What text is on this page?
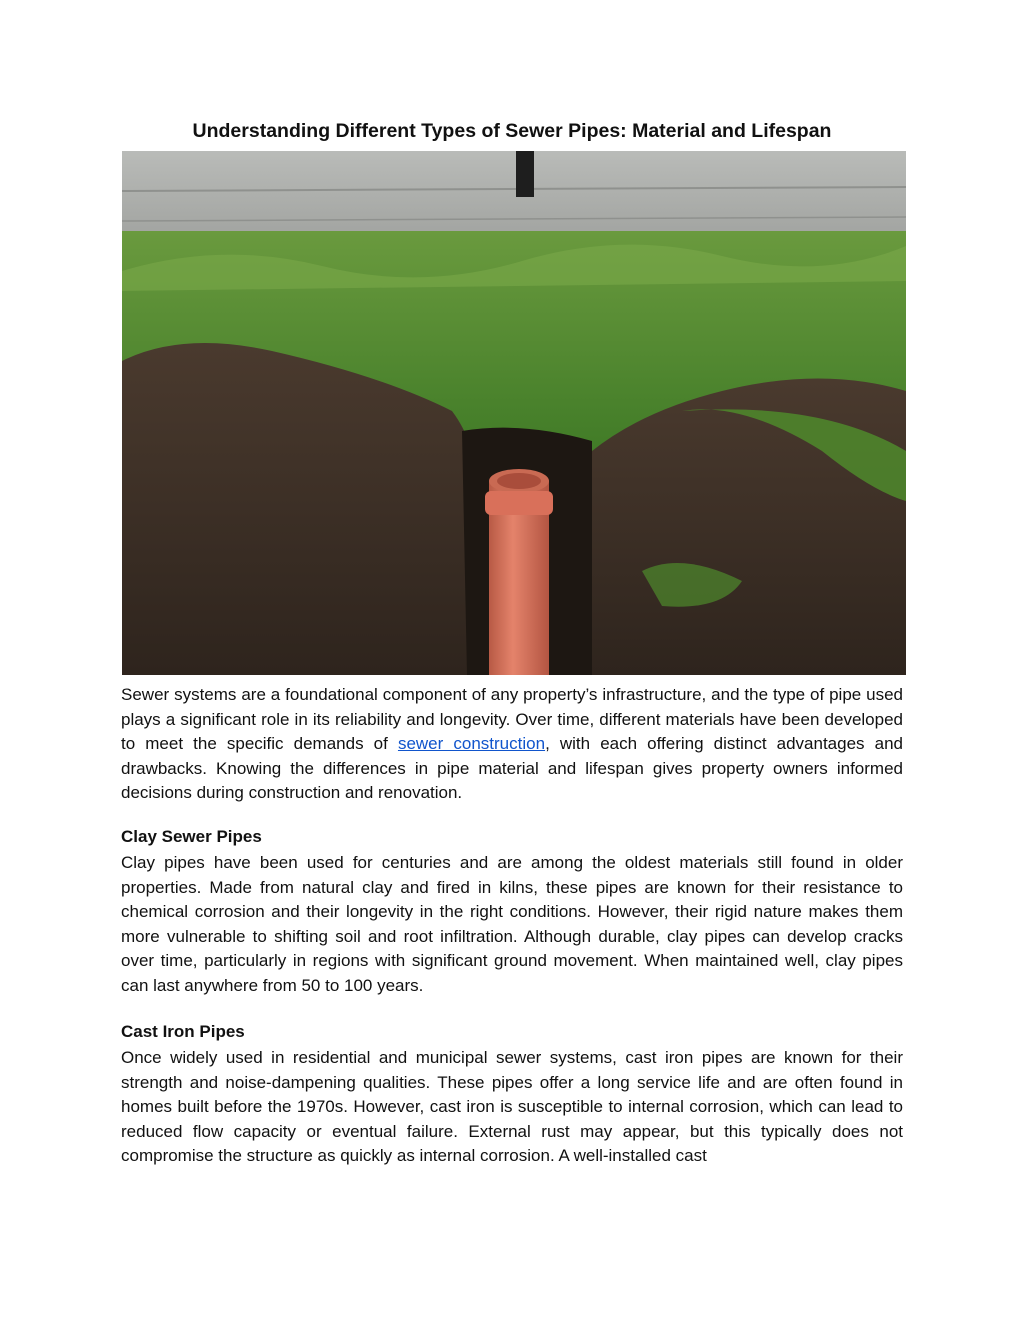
Understanding Different Types of Sewer Pipes: Material and Lifespan

Sewer systems are a foundational component of any property’s infrastructure, and the type of pipe used plays a significant role in its reliability and longevity. Over time, different materials have been developed to meet the specific demands of sewer construction, with each offering distinct advantages and drawbacks. Knowing the differences in pipe material and lifespan gives property owners informed decisions during construction and renovation.

Clay Sewer Pipes

Clay pipes have been used for centuries and are among the oldest materials still found in older properties. Made from natural clay and fired in kilns, these pipes are known for their resistance to chemical corrosion and their longevity in the right conditions. However, their rigid nature makes them more vulnerable to shifting soil and root infiltration. Although durable, clay pipes can develop cracks over time, particularly in regions with significant ground movement. When maintained well, clay pipes can last anywhere from 50 to 100 years.

Cast Iron Pipes

Once widely used in residential and municipal sewer systems, cast iron pipes are known for their strength and noise-dampening qualities. These pipes offer a long service life and are often found in homes built before the 1970s. However, cast iron is susceptible to internal corrosion, which can lead to reduced flow capacity or eventual failure. External rust may appear, but this typically does not compromise the structure as quickly as internal corrosion. A well-installed cast
